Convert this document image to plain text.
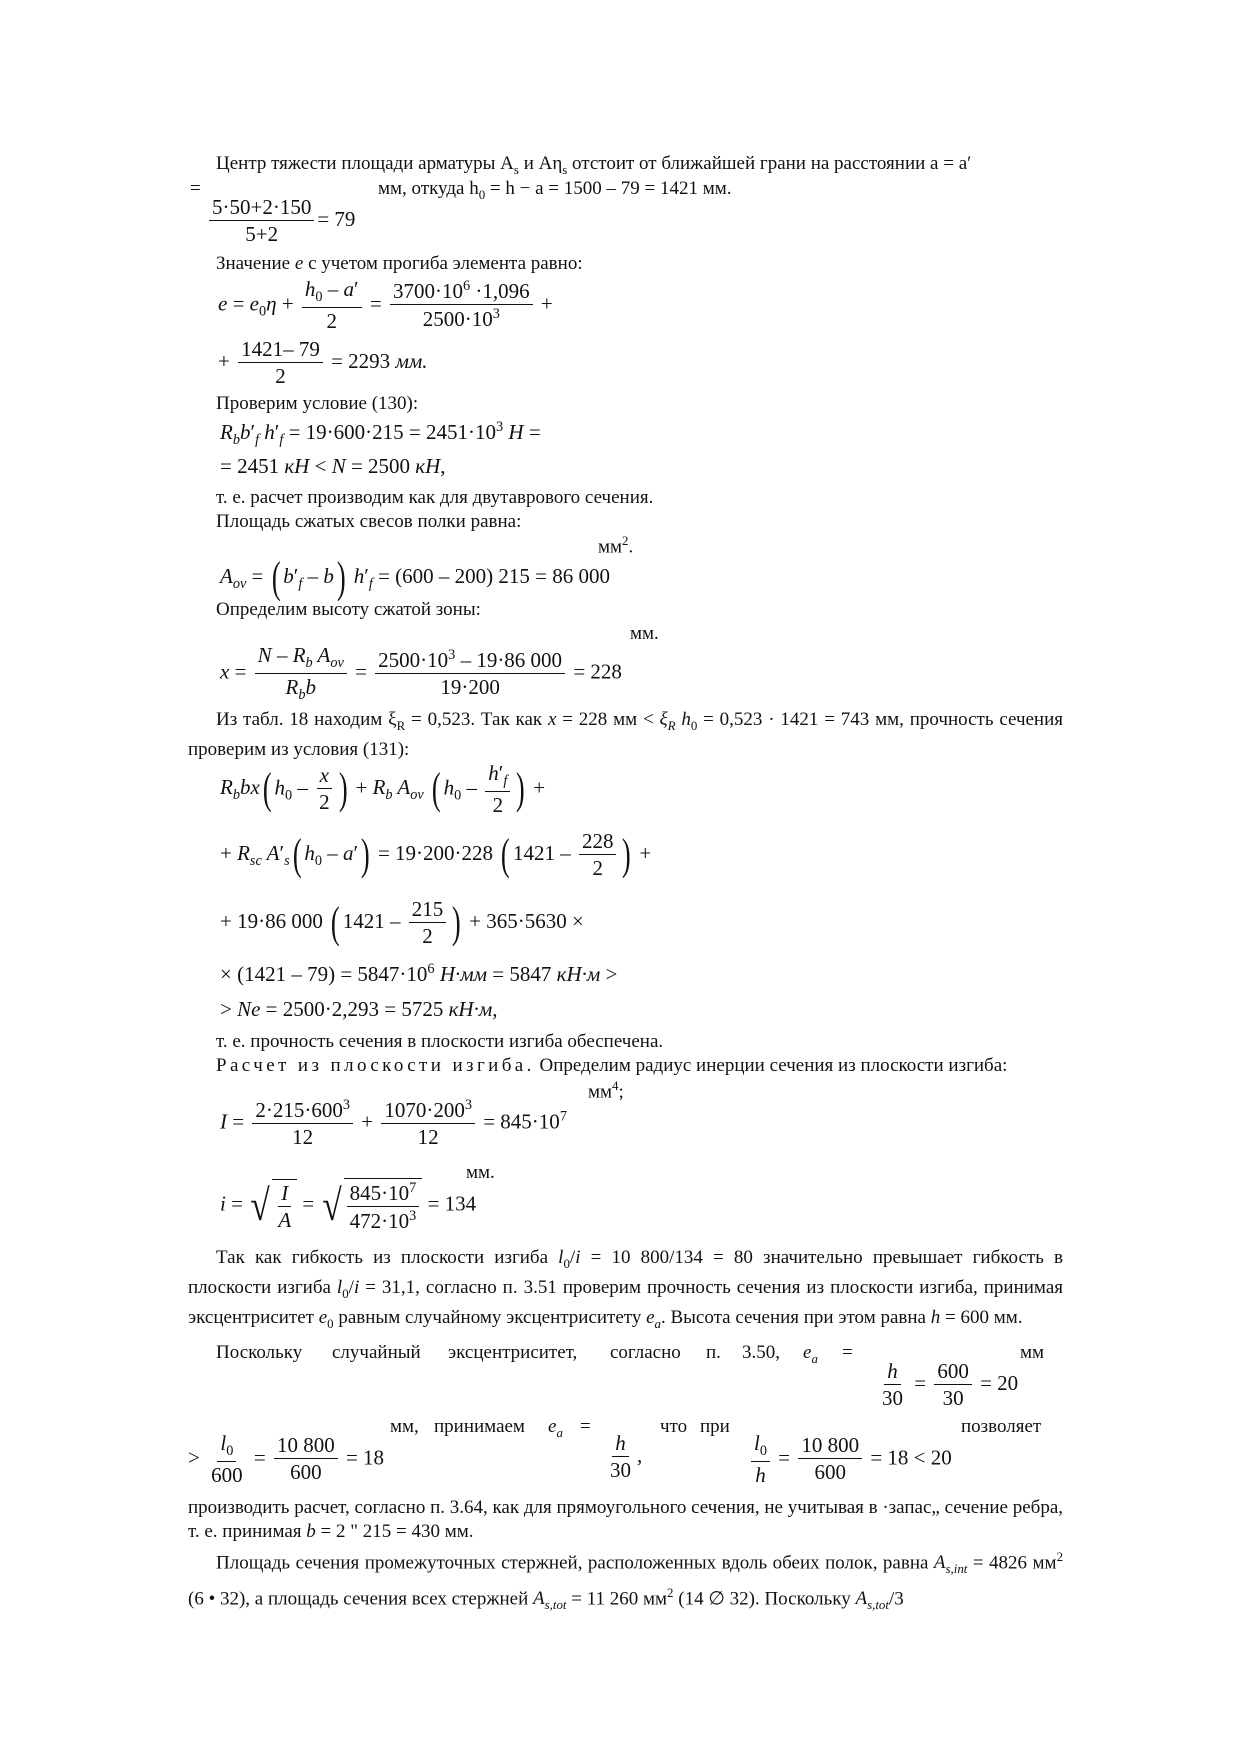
Центр тяжести площади арматуры $A_s$ и $A\eta_s$ отстоит от ближайшей грани на расстоянии a = a′

=	мм, откуда $h_0 = h - a = 1500 - 79 = 1421$ мм.
$\frac{5\cdot 50+2\cdot 150}{5+2} = 79$
Значение e с учетом прогиба элемента равно:
$e = e_0\eta + \frac{h_0 - a'}{2} = \frac{3700\cdot 10^6 \cdot 1,096}{2500\cdot 10^3}$ +
+ $\frac{1421- 79}{2} = 2293$ мм.
Проверим условие (130):
$R_bb'_f$ $h'_f = 19\cdot 600\cdot 215 = 2451\cdot 10^3$ Н =
= 2451 кН < N = 2500 кН,
т. е. расчет производим как для двутаврового сечения.
Площадь сжатых свесов полки равна:
$мм^2$.
$A_{ov}$ = ( $b'_f - b$) $h'_f = (600 - 200) 215 = 86$ 000
Определим высоту сжатой зоны:
мм.
$x = \frac{N - R_b A_{ov}}{R_bb} = \frac{2500\cdot 10^3 - 19\cdot 86 000}{19\cdot 200} = 228$

Из табл. 18 находим $\xi_R = 0,523$. Так как x = 228 мм < $\xi_R$ $h_0 = 0,523 \cdot 1421 = 743$ мм, прочность сечения проверим из условия (131):

$R_bbx$( $h_0 - \frac{x}{2}$ ) + $R_b$ $A_{ov}$ ( $h_0 - \frac{h'_f}{2}$ ) +
+ $R_{sc}$ $A'_s$( $h_0 - a') = 19\cdot 200\cdot 228$ ( $1421 - \frac{228}{2}$ ) +
+ 19·86 000 ( $1421 - \frac{215}{2}$ ) + 365·5630 ×
× $(1421 - 79) = 5847\cdot 10^6$ Н·мм = 5847 кН·м >
> Ne = 2500·2,293 = 5725 кН·м,
т. е. прочность сечения в плоскости изгиба обеспечена.
Расчет из плоскости изгиба. Определим радиус инерции сечения из плоскости изгиба:
$мм^4$;
$I = \frac{2\cdot 215\cdot 600^3}{12} + \frac{1070\cdot 200^3}{12} = 845\cdot 10^7$
мм.
i = √ $\frac{I}{A}$ = √ $\frac{845\cdot 10^7}{472\cdot 10^3} = 134$

Так как гибкость из плоскости изгиба $l_0/i = 10$ 800/134 = 80 значительно превышает гибкость в плоскости изгиба $l_0/i = 31,1$, согласно п. 3.51 проверим прочность сечения из плоскости изгиба, принимая эксцентриситет $e_0$ равным случайному эксцентриситету $e_a$. Высота сечения при этом равна h = 600 мм.

Поскольку случайный эксцентриситет, согласно п. 3.50, $e_a$ =	мм
$\frac{h}{30} = \frac{600}{30} = 20$
мм, принимаем $e_a$ =	что при	позволяет
> $\frac{l_0}{600} = \frac{10 800}{600} = 18$	$\frac{h}{30}$ ,	$\frac{l_0}{h} = \frac{10 800}{600} = 18 < 20$

производить расчет, согласно п. 3.64, как для прямоугольного сечения, не учитывая в ·запас„ сечение ребра, т. е. принимая b = 2 " 215 = 430 мм.

Площадь сечения промежуточных стержней, расположенных вдоль обеих полок, равна $A_{s,int} = 4826$ $мм^2$ (6 • 32), а площадь сечения всех стержней $A_{s,tot} = 11$ 260 $мм^2$ (14 ∅ 32). Поскольку $A_{s,tot}/3$
